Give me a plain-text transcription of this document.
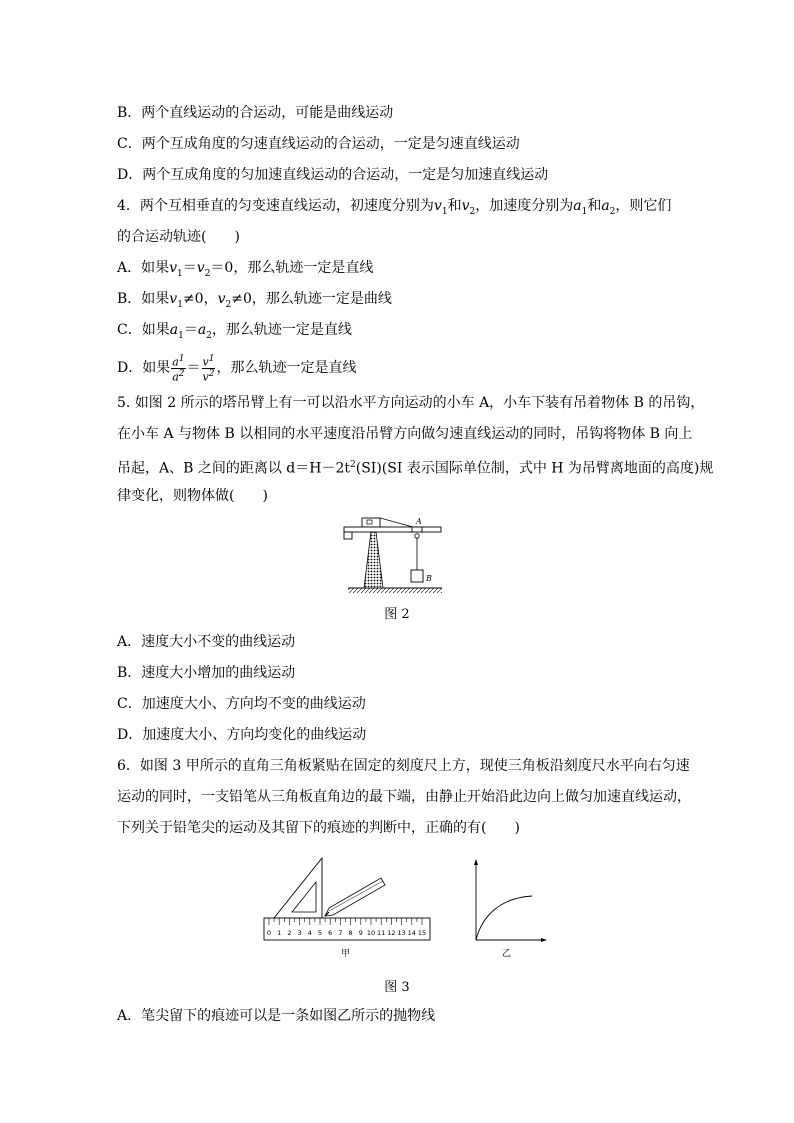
B．两个直线运动的合运动，可能是曲线运动
C．两个互成角度的匀速直线运动的合运动，一定是匀速直线运动
D．两个互成角度的匀加速直线运动的合运动，一定是匀加速直线运动
4．两个互相垂直的匀变速直线运动，初速度分别为$v_1$和$v_2$，加速度分别为$a_1$和$a_2$，则它们
的合运动轨迹(　　)
A．如果$v_1=v_2=0$，那么轨迹一定是直线
B．如果$v_1\ne 0$，$v_2\ne 0$，那么轨迹一定是曲线
C．如果$a_1=a_2$，那么轨迹一定是直线
D．如果 $\frac{a^1}{a^2} = \frac{v^1}{v^2}$ ，那么轨迹一定是直线
5. 如图 2 所示的塔吊臂上有一可以沿水平方向运动的小车 A，小车下装有吊着物体 B 的吊钩，
在小车 A 与物体 B 以相同的水平速度沿吊臂方向做匀速直线运动的同时，吊钩将物体 B 向上
吊起，A、B 之间的距离以 $d=H-2t^2(SI)(SI$ 表示国际单位制，式中 H 为吊臂离地面的高度)规
律变化，则物体做(　　)
A
B
图 2
A．速度大小不变的曲线运动
B．速度大小增加的曲线运动
C．加速度大小、方向均不变的曲线运动
D．加速度大小、方向均变化的曲线运动
6．如图 3 甲所示的直角三角板紧贴在固定的刻度尺上方，现使三角板沿刻度尺水平向右匀速
运动的同时，一支铅笔从三角板直角边的最下端，由静止开始沿此边向上做匀加速直线运动，
下列关于铅笔尖的运动及其留下的痕迹的判断中，正确的有(　　)
0 1 2 3 4 5 6 7 8 9 10 11 12 13 14 15
甲	乙
图 3
A．笔尖留下的痕迹可以是一条如图乙所示的抛物线
